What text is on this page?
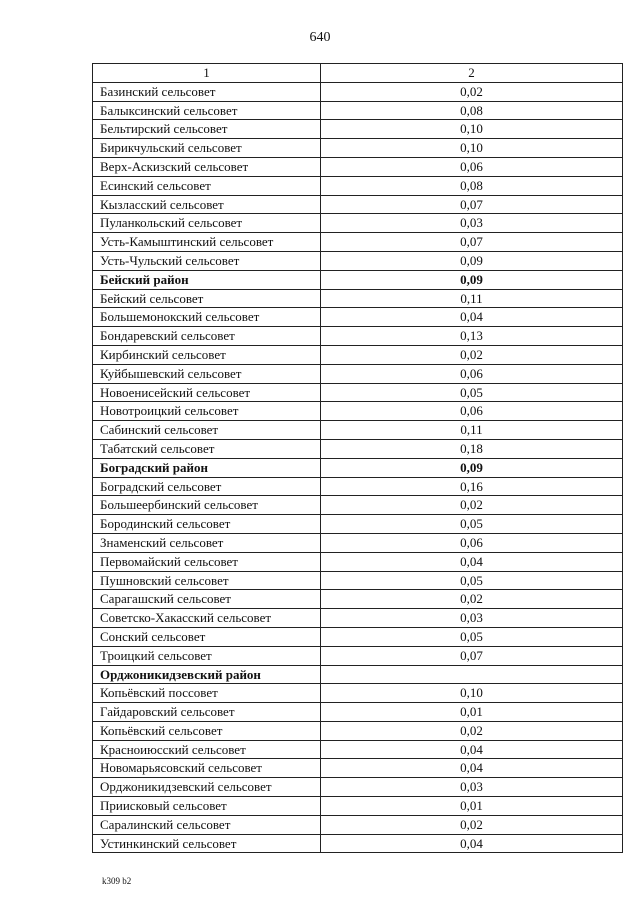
640
1	2
Базинский сельсовет	0,02
Балыксинский сельсовет	0,08
Бельтирский сельсовет	0,10
Бирикчульский сельсовет	0,10
Верх-Аскизский сельсовет	0,06
Есинский сельсовет	0,08
Кызласский сельсовет	0,07
Пуланкольский сельсовет	0,03
Усть-Камыштинский сельсовет	0,07
Усть-Чульский сельсовет	0,09
Бейский район	0,09
Бейский сельсовет	0,11
Большемонокский сельсовет	0,04
Бондаревский сельсовет	0,13
Кирбинский сельсовет	0,02
Куйбышевский сельсовет	0,06
Новоенисейский сельсовет	0,05
Новотроицкий сельсовет	0,06
Сабинский сельсовет	0,11
Табатский сельсовет	0,18
Боградский район	0,09
Боградский сельсовет	0,16
Большеербинский сельсовет	0,02
Бородинский сельсовет	0,05
Знаменский сельсовет	0,06
Первомайский сельсовет	0,04
Пушновский сельсовет	0,05
Сарагашский сельсовет	0,02
Советско-Хакасский сельсовет	0,03
Сонский сельсовет	0,05
Троицкий сельсовет	0,07
Орджоникидзевский район	
Копьёвский поссовет	0,10
Гайдаровский сельсовет	0,01
Копьёвский сельсовет	0,02
Красноиюсский сельсовет	0,04
Новомарьясовский сельсовет	0,04
Орджоникидзевский сельсовет	0,03
Приисковый сельсовет	0,01
Саралинский сельсовет	0,02
Устинкинский сельсовет	0,04
k309 b2
